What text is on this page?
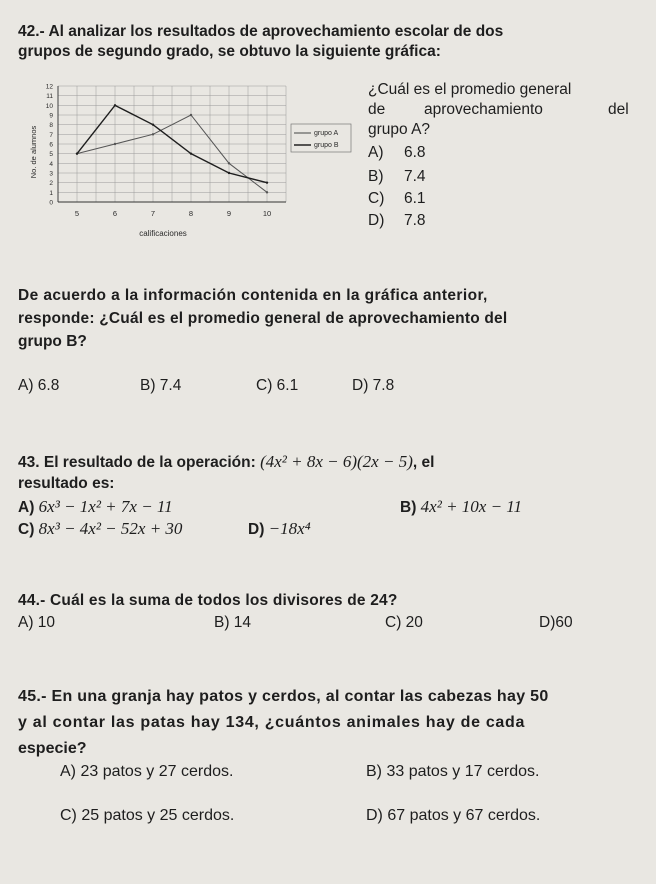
42.- Al analizar los resultados de aprovechamiento escolar de dos
grupos de segundo grado, se obtuvo la siguiente gráfica:
0
1
2
3
4
5
6
7
8
9
10
11
12
5	6	7	8	9	10
No. de alumnos
calificaciones
grupo A
grupo B
¿Cuál es el promedio general
de	aprovechamiento	del
grupo A?
A) 6.8
B) 7.4
C) 6.1
D) 7.8
De acuerdo a la información contenida en la gráfica anterior,
responde: ¿Cuál es el promedio general de aprovechamiento del
grupo B?
A) 6.8	B) 7.4	C) 6.1	D) 7.8
43. El resultado de la operación: (4x² + 8x − 6)(2x − 5), el
resultado es:
A) 6x³ − 1x² + 7x − 11	B) 4x² + 10x − 11
C) 8x³ − 4x² − 52x + 30	D) −18x⁴
44.- Cuál es la suma de todos los divisores de 24?
A) 10	B) 14	C) 20	D)60
45.- En una granja hay patos y cerdos, al contar las cabezas hay 50
y al contar las patas hay 134, ¿cuántos animales hay de cada
especie?
A) 23 patos y 27 cerdos.	B) 33 patos y 17 cerdos.
C) 25 patos y 25 cerdos.	D) 67 patos y 67 cerdos.
